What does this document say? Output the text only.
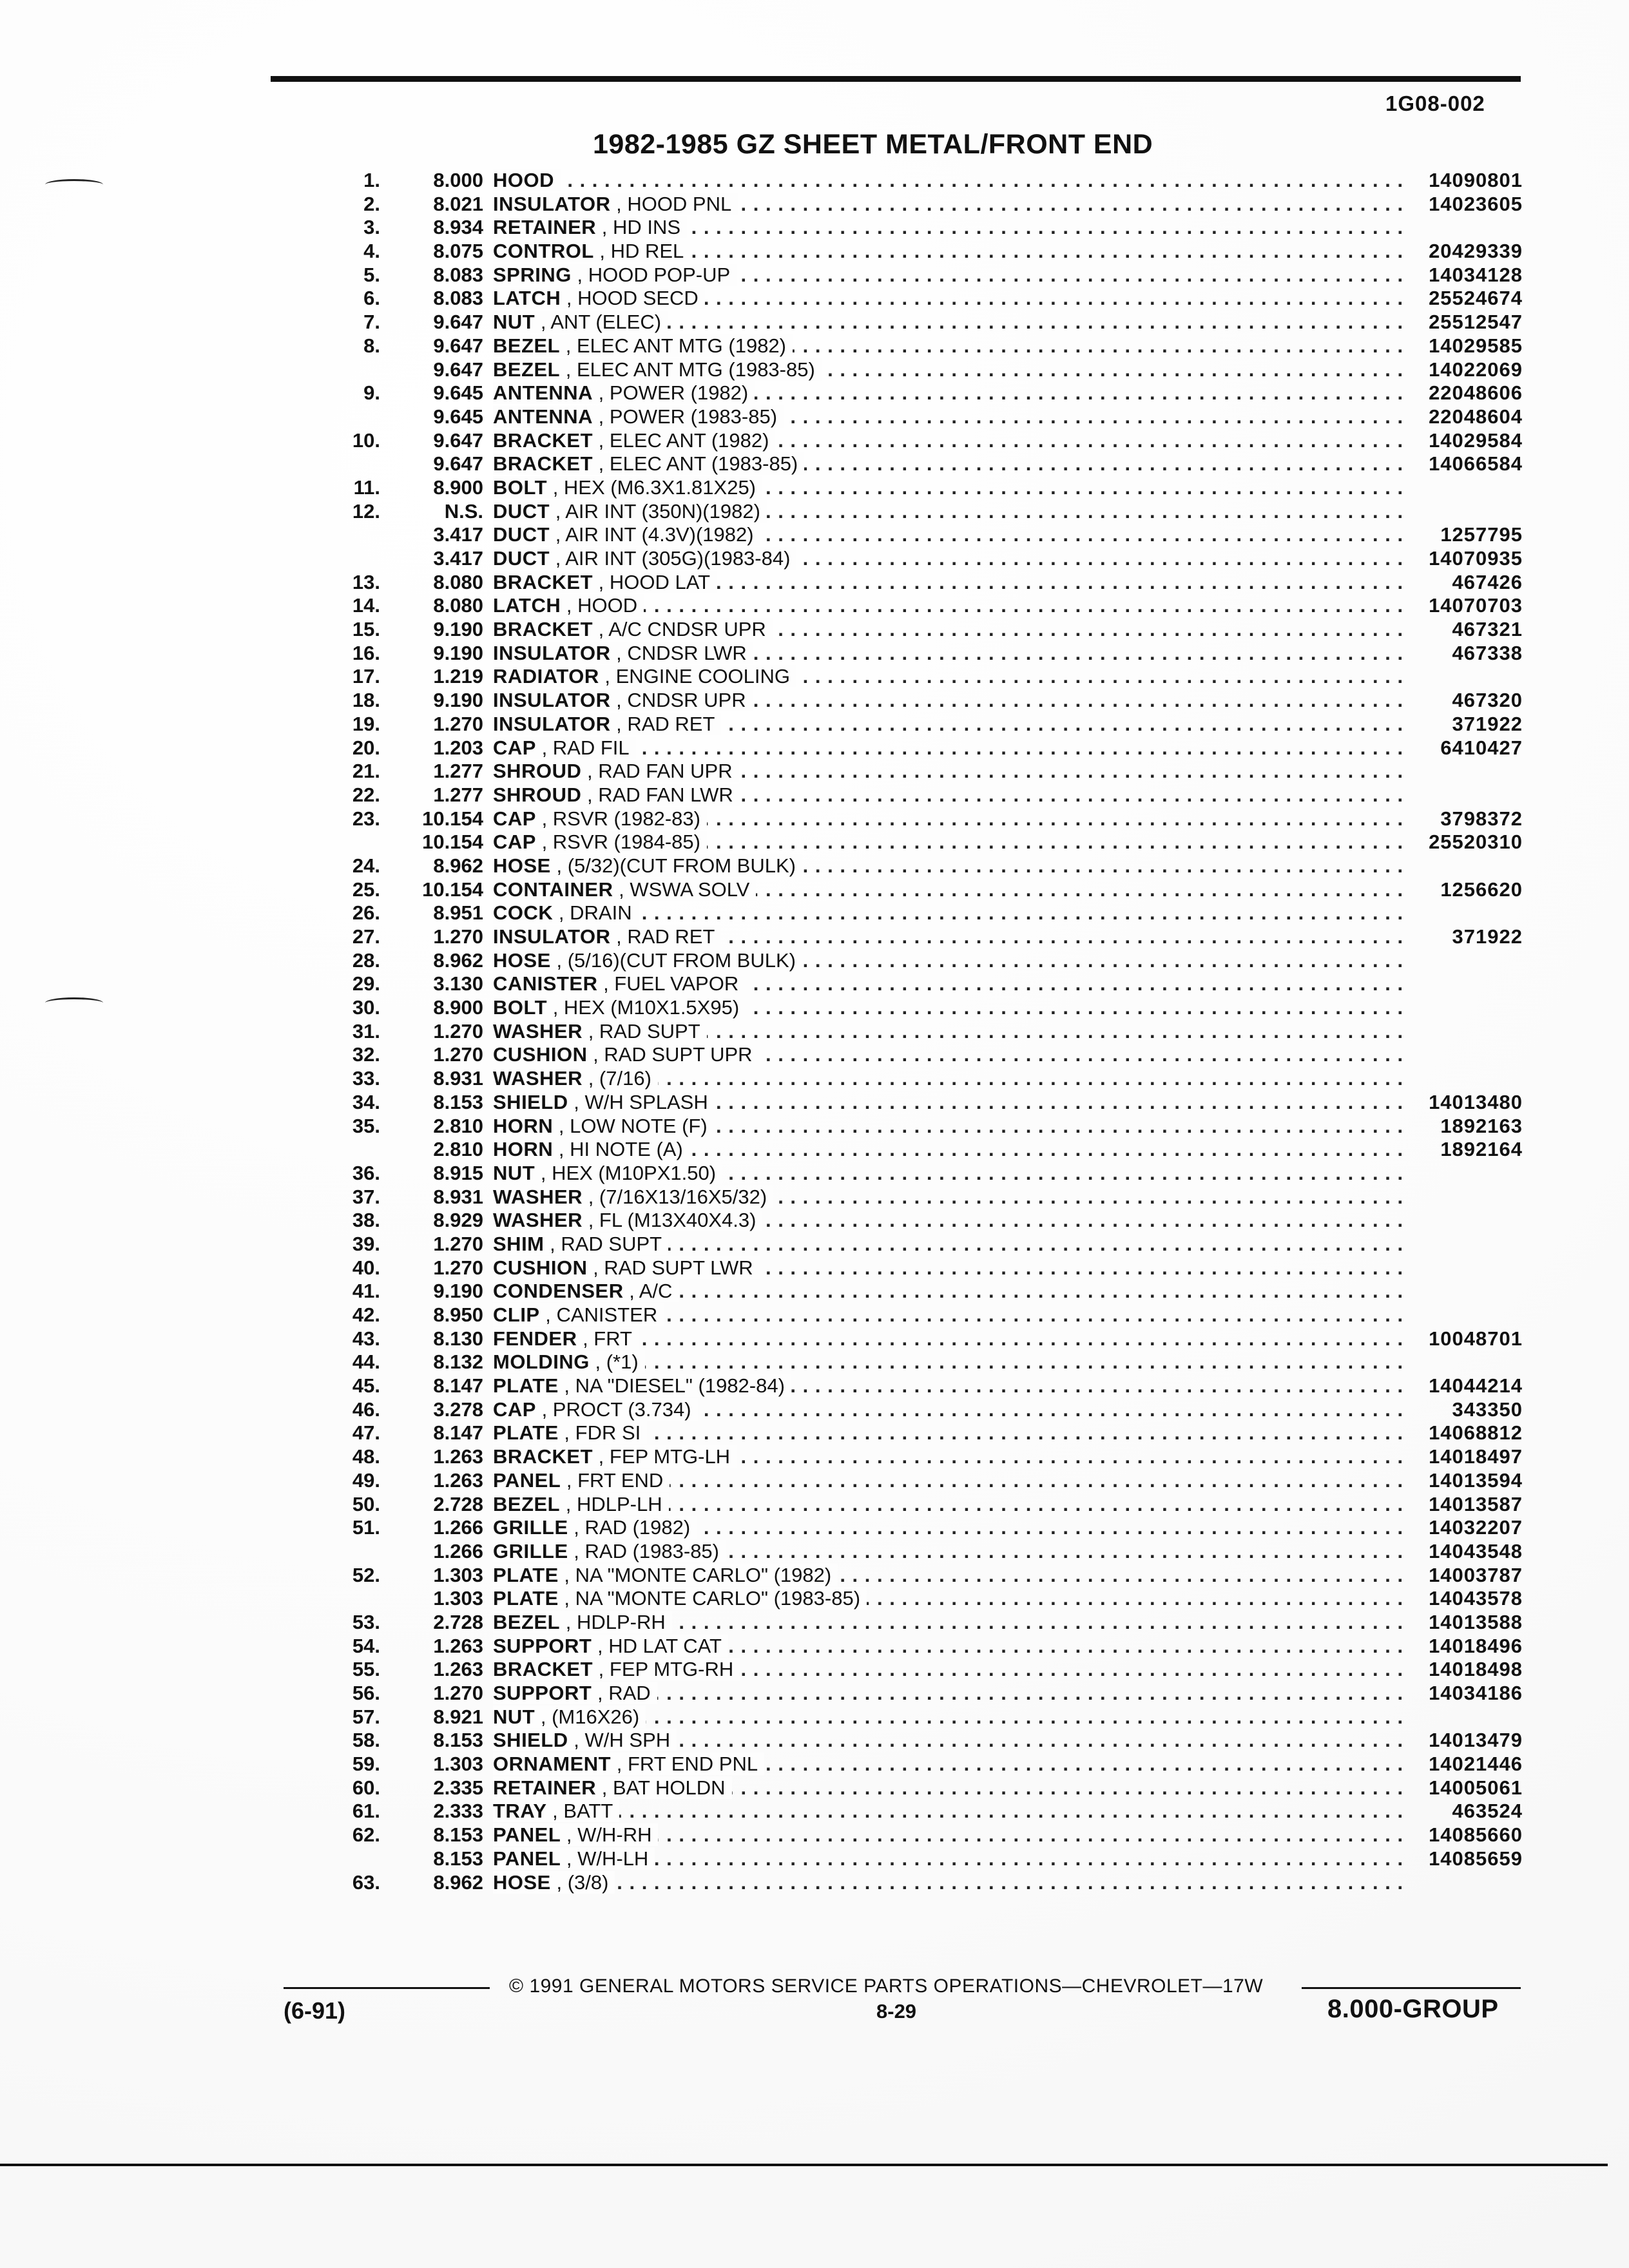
1G08-002
1982-1985 GZ SHEET METAL/FRONT END
1.	8.000 HOOD . . .	14090801
2.	8.021 INSULATOR , HOOD PNL . . .	14023605
3.	8.934 RETAINER , HD INS . . .
4.	8.075 CONTROL , HD REL . . .	20429339
5.	8.083 SPRING , HOOD POP-UP . . .	14034128
6.	8.083 LATCH , HOOD SECD . . .	25524674
7.	9.647 NUT , ANT (ELEC) . . .	25512547
8.	9.647 BEZEL , ELEC ANT MTG (1982) . . .	14029585
9.647 BEZEL , ELEC ANT MTG (1983-85) . . .	14022069
9.	9.645 ANTENNA , POWER (1982) . . .	22048606
9.645 ANTENNA , POWER (1983-85) . . .	22048604
10.	9.647 BRACKET , ELEC ANT (1982) . . .	14029584
9.647 BRACKET , ELEC ANT (1983-85) . . .	14066584
11.	8.900 BOLT , HEX (M6.3X1.81X25) . . .
12.	N.S. DUCT , AIR INT (350N)(1982) . . .
3.417 DUCT , AIR INT (4.3V)(1982) . . .	1257795
3.417 DUCT , AIR INT (305G)(1983-84) . . .	14070935
13.	8.080 BRACKET , HOOD LAT . . .	467426
14.	8.080 LATCH , HOOD . . .	14070703
15.	9.190 BRACKET , A/C CNDSR UPR . . .	467321
16.	9.190 INSULATOR , CNDSR LWR . . .	467338
17.	1.219 RADIATOR , ENGINE COOLING . . .
18.	9.190 INSULATOR , CNDSR UPR . . .	467320
19.	1.270 INSULATOR , RAD RET . . .	371922
20.	1.203 CAP , RAD FIL . . .	6410427
21.	1.277 SHROUD , RAD FAN UPR . . .
22.	1.277 SHROUD , RAD FAN LWR . . .
23.	10.154 CAP , RSVR (1982-83) . . .	3798372
10.154 CAP , RSVR (1984-85) . . .	25520310
24.	8.962 HOSE , (5/32)(CUT FROM BULK) . . .
25.	10.154 CONTAINER , WSWA SOLV . . .	1256620
26.	8.951 COCK , DRAIN . . .
27.	1.270 INSULATOR , RAD RET . . .	371922
28.	8.962 HOSE , (5/16)(CUT FROM BULK) . . .
29.	3.130 CANISTER , FUEL VAPOR . . .
30.	8.900 BOLT , HEX (M10X1.5X95) . . .
31.	1.270 WASHER , RAD SUPT . . .
32.	1.270 CUSHION , RAD SUPT UPR . . .
33.	8.931 WASHER , (7/16) . . .
34.	8.153 SHIELD , W/H SPLASH . . .	14013480
35.	2.810 HORN , LOW NOTE (F) . . .	1892163
2.810 HORN , HI NOTE (A) . . .	1892164
36.	8.915 NUT , HEX (M10PX1.50) . . .
37.	8.931 WASHER , (7/16X13/16X5/32) . . .
38.	8.929 WASHER , FL (M13X40X4.3) . . .
39.	1.270 SHIM , RAD SUPT . . .
40.	1.270 CUSHION , RAD SUPT LWR . . .
41.	9.190 CONDENSER , A/C . . .
42.	8.950 CLIP , CANISTER . . .
43.	8.130 FENDER , FRT . . .	10048701
44.	8.132 MOLDING , (*1) . . .
45.	8.147 PLATE , NA "DIESEL" (1982-84) . . .	14044214
46.	3.278 CAP , PROCT (3.734) . . .	343350
47.	8.147 PLATE , FDR SI . . .	14068812
48.	1.263 BRACKET , FEP MTG-LH . . .	14018497
49.	1.263 PANEL , FRT END . . .	14013594
50.	2.728 BEZEL , HDLP-LH . . .	14013587
51.	1.266 GRILLE , RAD (1982) . . .	14032207
1.266 GRILLE , RAD (1983-85) . . .	14043548
52.	1.303 PLATE , NA "MONTE CARLO" (1982) . . .	14003787
1.303 PLATE , NA "MONTE CARLO" (1983-85) . . .	14043578
53.	2.728 BEZEL , HDLP-RH . . .	14013588
54.	1.263 SUPPORT , HD LAT CAT . . .	14018496
55.	1.263 BRACKET , FEP MTG-RH . . .	14018498
56.	1.270 SUPPORT , RAD . . .	14034186
57.	8.921 NUT , (M16X26) . . .
58.	8.153 SHIELD , W/H SPH . . .	14013479
59.	1.303 ORNAMENT , FRT END PNL . . .	14021446
60.	2.335 RETAINER , BAT HOLDN . . .	14005061
61.	2.333 TRAY , BATT . . .	463524
62.	8.153 PANEL , W/H-RH . . .	14085660
8.153 PANEL , W/H-LH . . .	14085659
63.	8.962 HOSE , (3/8) . . .
© 1991 GENERAL MOTORS SERVICE PARTS OPERATIONS—CHEVROLET—17W
(6-91)	8-29	8.000-GROUP
